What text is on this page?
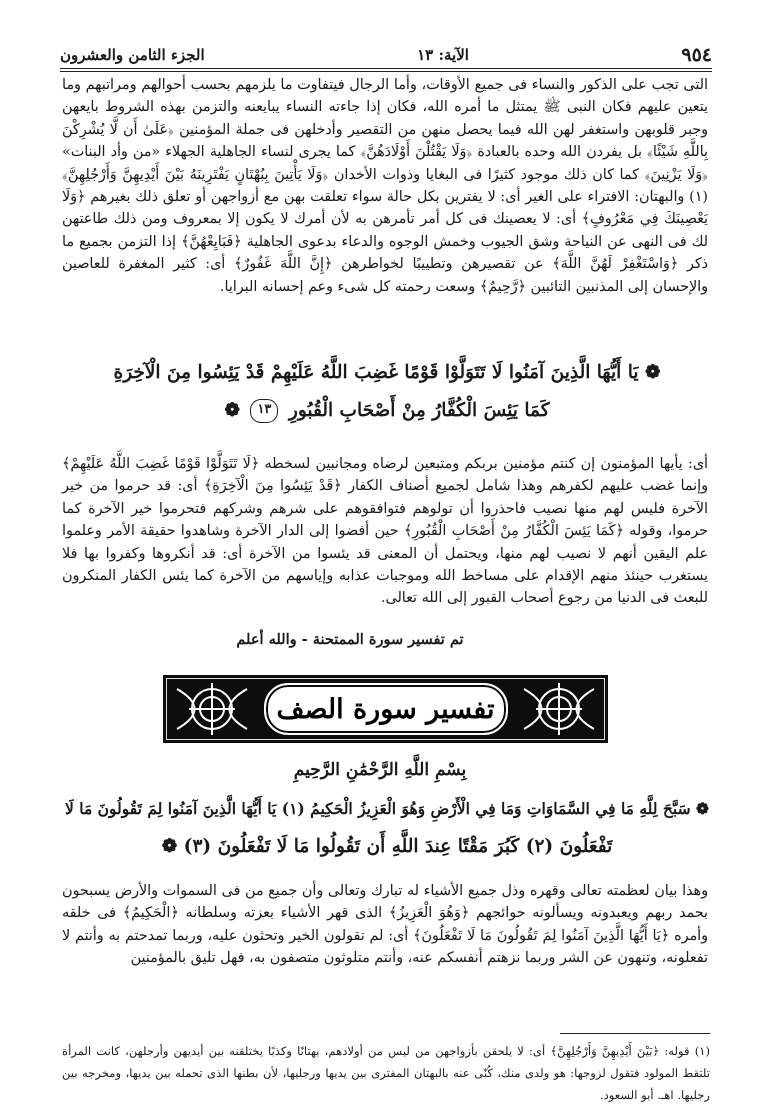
٩٥٤
الآية: ١٣
الجزء الثامن والعشرون

التى تجب على الذكور والنساء فى جميع الأوقات، وأما الرجال فيتفاوت ما يلزمهم بحسب أحوالهم ومراتبهم وما يتعين عليهم فكان النبى ﷺ يمتثل ما أمره الله، فكان إذا جاءته النساء يبايعنه والتزمن بهذه الشروط بايعهن وجبر قلوبهن واستغفر لهن الله فيما يحصل منهن من التقصير وأدخلهن فى جملة المؤمنين ﴿عَلَىٰ أَن لَّا يُشْرِكْنَ بِاللَّهِ شَيْئًا﴾ بل يفردن الله وحده بالعبادة ﴿وَلَا يَقْتُلْنَ أَوْلَادَهُنَّ﴾ كما يجرى لنساء الجاهلية الجهلاء «من وأد البنات» ﴿وَلَا يَزْنِينَ﴾ كما كان ذلك موجود كثيرًا فى البغايا وذوات الأخدان ﴿وَلَا يَأْتِينَ بِبُهْتَانٍ يَفْتَرِينَهُ بَيْنَ أَيْدِيهِنَّ وَأَرْجُلِهِنَّ﴾ (١) والبهتان: الافتراء على الغير أى: لا يفترين بكل حالة سواء تعلقت بهن مع أزواجهن أو تعلق ذلك بغيرهم ﴿وَلَا يَعْصِينَكَ فِي مَعْرُوفٍ﴾ أى: لا يعصينك فى كل أمر تأمرهن به لأن أمرك لا يكون إلا بمعروف ومن ذلك طاعتهن لك فى النهى عن النياحة وشق الجيوب وخمش الوجوه والدعاء بدعوى الجاهلية ﴿فَبَايِعْهُنَّ﴾ إذا التزمن بجميع ما ذكر ﴿وَاسْتَغْفِرْ لَهُنَّ اللَّهَ﴾ عن تقصيرهن وتطييبًا لخواطرهن ﴿إِنَّ اللَّهَ غَفُورٌ﴾ أى: كثير المغفرة للعاصين والإحسان إلى المذنبين التائبين ﴿رَّحِيمٌ﴾ وسعت رحمته كل شىء وعم إحسانه البرايا.

❁ يَا أَيُّهَا الَّذِينَ آمَنُوا لَا تَتَوَلَّوْا قَوْمًا غَضِبَ اللَّهُ عَلَيْهِمْ قَدْ يَئِسُوا مِنَ الْآخِرَةِ
كَمَا يَئِسَ الْكُفَّارُ مِنْ أَصْحَابِ الْقُبُورِ ١٣ ❁

أى: يأيها المؤمنون إن كنتم مؤمنين بربكم ومتبعين لرضاه ومجانبين لسخطه ﴿لَا تَتَوَلَّوْا قَوْمًا غَضِبَ اللَّهُ عَلَيْهِمْ﴾ وإنما غضب عليهم لكفرهم وهذا شامل لجميع أصناف الكفار ﴿قَدْ يَئِسُوا مِنَ الْآخِرَةِ﴾ أى: قد حرموا من خير الآخرة فليس لهم منها نصيب فاحذروا أن تولوهم فتوافقوهم على شرهم وشركهم فتحرموا خير الآخرة كما حرموا، وقوله ﴿كَمَا يَئِسَ الْكُفَّارُ مِنْ أَصْحَابِ الْقُبُورِ﴾ حين أفضوا إلى الدار الآخرة وشاهدوا حقيقة الأمر وعلموا علم اليقين أنهم لا نصيب لهم منها، ويحتمل أن المعنى قد يئسوا من الآخرة أى: قد أنكروها وكفروا بها فلا يستغرب حينئذ منهم الإقدام على مساخط الله وموجبات عذابه وإياسهم من الآخرة كما يئس الكفار المنكرون للبعث فى الدنيا من رجوع أصحاب القبور إلى الله تعالى.

تم تفسير سورة الممتحنة - والله أعلم
تفسير سورة الصف
بِسْمِ اللَّهِ الرَّحْمَٰنِ الرَّحِيمِ
❁ سَبَّحَ لِلَّهِ مَا فِي السَّمَاوَاتِ وَمَا فِي الْأَرْضِ وَهُوَ الْعَزِيزُ الْحَكِيمُ (١) يَا أَيُّهَا الَّذِينَ آمَنُوا لِمَ تَقُولُونَ مَا لَا
تَفْعَلُونَ (٢) كَبُرَ مَقْتًا عِندَ اللَّهِ أَن تَقُولُوا مَا لَا تَفْعَلُونَ (٣) ❁

وهذا بيان لعظمته تعالى وقهره وذل جميع الأشياء له تبارك وتعالى وأن جميع من فى السموات والأرض يسبحون بحمد ربهم ويعبدونه ويسألونه حوائجهم ﴿وَهُوَ الْعَزِيزُ﴾ الذى قهر الأشياء بعزته وسلطانه ﴿الْحَكِيمُ﴾ فى خلقه وأمره ﴿يَا أَيُّهَا الَّذِينَ آمَنُوا لِمَ تَقُولُونَ مَا لَا تَفْعَلُونَ﴾ أى: لم تقولون الخير وتحثون عليه، وربما تمدحتم به وأنتم لا تفعلونه، وتنهون عن الشر وربما نزهتم أنفسكم عنه، وأنتم متلوثون متصفون به، فهل تليق بالمؤمنين

(١) قوله: ﴿بَيْنَ أَيْدِيهِنَّ وَأَرْجُلِهِنَّ﴾ أى: لا يلحقن بأزواجهن من ليس من أولادهم، بهتانًا وكذبًا يختلقنه بين أيديهن وأرجلهن، كانت المرأة تلتقط المولود فتقول لزوجها: هو ولدى منك، كُنّى عنه بالبهتان المفترى بين يديها ورجليها، لأن بطنها الذى تحمله بين يديها، ومخرجه بين رجليها. اهـ. أبو السعود.
